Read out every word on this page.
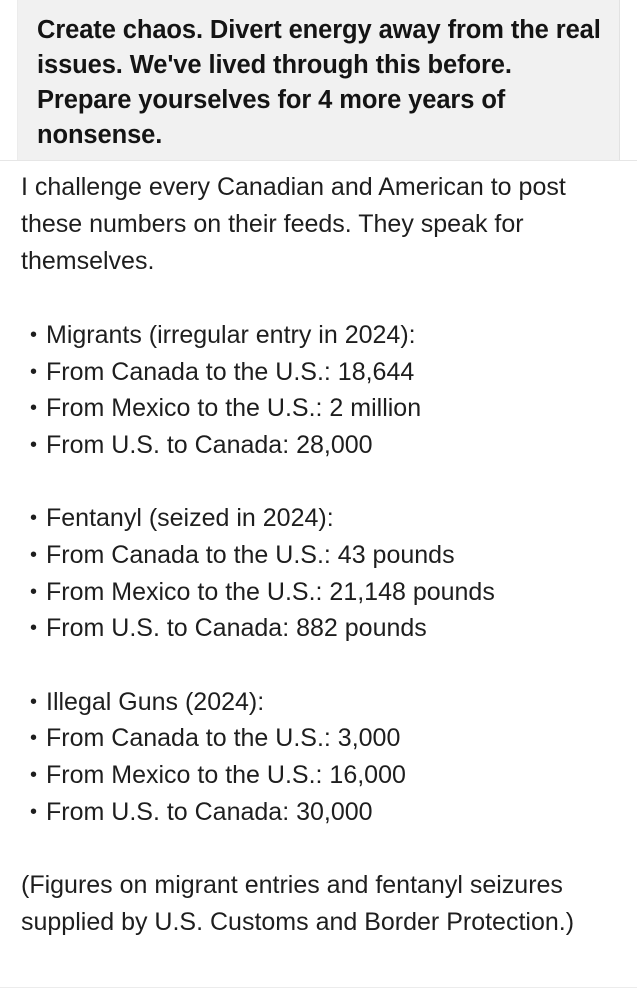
Create chaos. Divert energy away from the real issues. We've lived through this before. Prepare yourselves for 4 more years of nonsense.

I challenge every Canadian and American to post these numbers on their feeds. They speak for themselves.

• Migrants (irregular entry in 2024):
• From Canada to the U.S.: 18,644
• From Mexico to the U.S.: 2 million
• From U.S. to Canada: 28,000
• Fentanyl (seized in 2024):
• From Canada to the U.S.: 43 pounds
• From Mexico to the U.S.: 21,148 pounds
• From U.S. to Canada: 882 pounds
• Illegal Guns (2024):
• From Canada to the U.S.: 3,000
• From Mexico to the U.S.: 16,000
• From U.S. to Canada: 30,000

(Figures on migrant entries and fentanyl seizures supplied by U.S. Customs and Border Protection.)
